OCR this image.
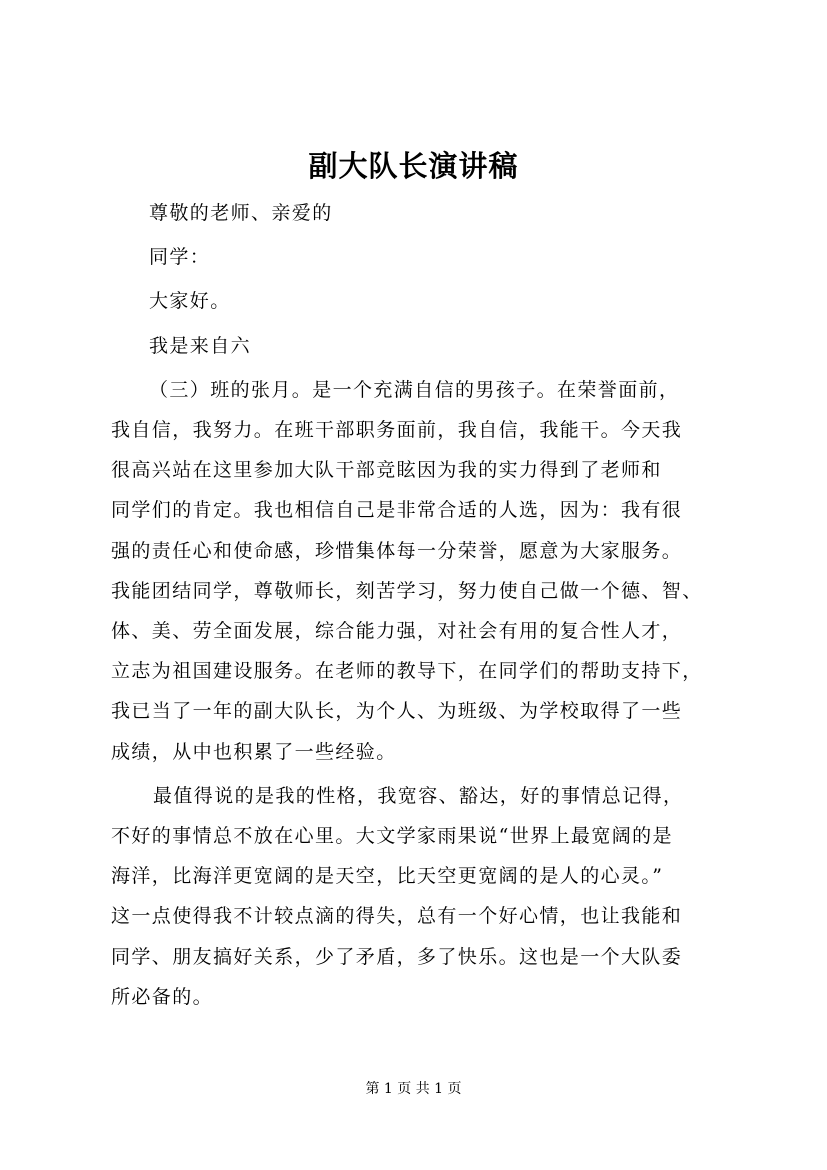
副大队长演讲稿

尊敬的老师、亲爱的

同学：

大家好。

我是来自六

（三）班的张月。是一个充满自信的男孩子。在荣誉面前，
我自信，我努力。在班干部职务面前，我自信，我能干。今天我
很高兴站在这里参加大队干部竞眩因为我的实力得到了老师和
同学们的肯定。我也相信自己是非常合适的人选，因为：我有很
强的责任心和使命感，珍惜集体每一分荣誉，愿意为大家服务。
我能团结同学，尊敬师长，刻苦学习，努力使自己做一个德、智、
体、美、劳全面发展，综合能力强，对社会有用的复合性人才，
立志为祖国建设服务。在老师的教导下，在同学们的帮助支持下，
我已当了一年的副大队长，为个人、为班级、为学校取得了一些
成绩，从中也积累了一些经验。

最值得说的是我的性格，我宽容、豁达，好的事情总记得，
不好的事情总不放在心里。大文学家雨果说“世界上最宽阔的是
海洋，比海洋更宽阔的是天空，比天空更宽阔的是人的心灵。”
这一点使得我不计较点滴的得失，总有一个好心情，也让我能和
同学、朋友搞好关系，少了矛盾，多了快乐。这也是一个大队委
所必备的。

第 1 页 共 1 页
